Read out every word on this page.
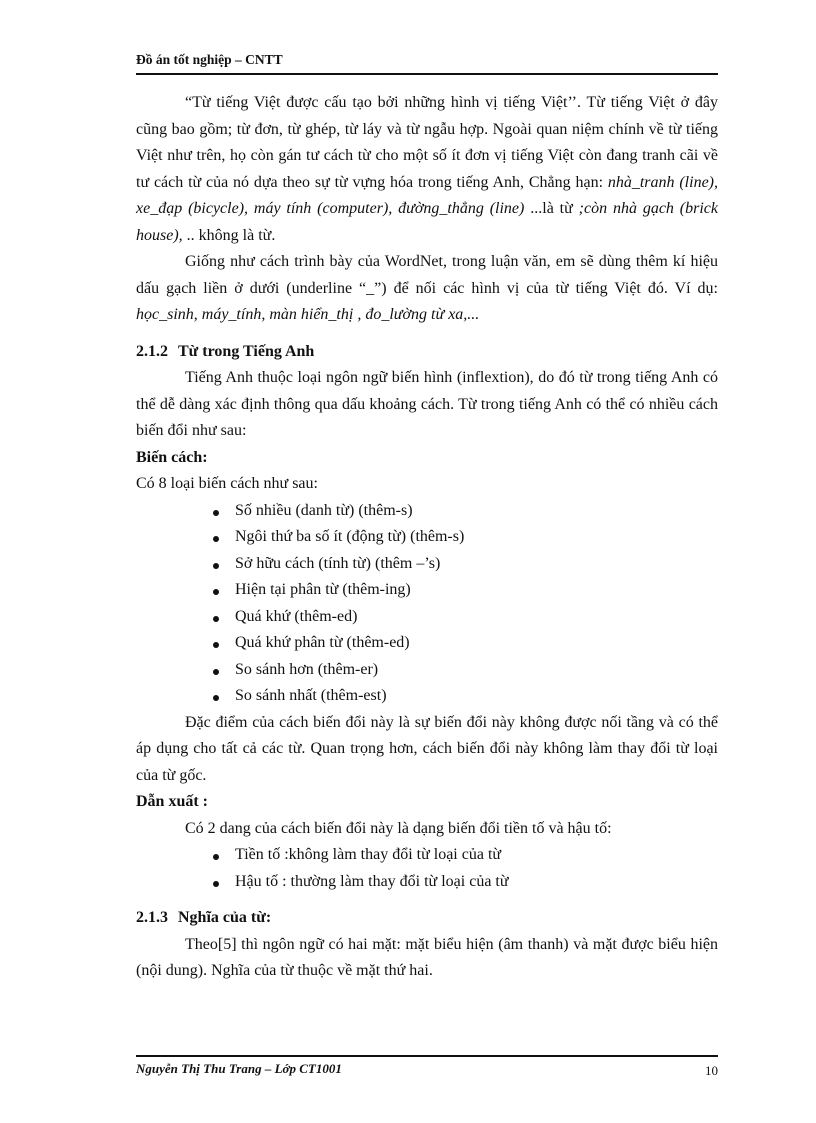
Đồ án tốt nghiệp – CNTT

“Từ tiếng Việt được cấu tạo bởi những hình vị tiếng Việt’’. Từ tiếng Việt ở đây cũng bao gồm; từ đơn, từ ghép, từ láy và từ ngẫu hợp. Ngoài quan niệm chính về từ tiếng Việt như trên, họ còn gán tư cách từ cho một số ít đơn vị tiếng Việt còn đang tranh cãi về tư cách từ của nó dựa theo sự từ vựng hóa trong tiếng Anh, Chẳng hạn: nhà_tranh (line), xe_đạp (bicycle), máy tính (computer), đường_thẳng (line) ...là từ ;còn nhà gạch (brick house), .. không là từ.

Giống như cách trình bày của WordNet, trong luận văn, em sẽ dùng thêm kí hiệu dấu gạch liền ở dưới (underline “_”) để nối các hình vị của từ tiếng Việt đó. Ví dụ: học_sinh, máy_tính, màn hiển_thị , đo_lường từ xa,...

2.1.2 Từ trong Tiếng Anh

Tiếng Anh thuộc loại ngôn ngữ biến hình (inflextion), do đó từ trong tiếng Anh có thể dễ dàng xác định thông qua dấu khoảng cách. Từ trong tiếng Anh có thể có nhiều cách biến đổi như sau:

Biến cách:

Có 8 loại biến cách như sau:

Số nhiều (danh từ) (thêm-s)
Ngôi thứ ba số ít (động từ) (thêm-s)
Sở hữu cách (tính từ) (thêm –’s)
Hiện tại phân từ (thêm-ing)
Quá khứ (thêm-ed)
Quá khứ phân từ (thêm-ed)
So sánh hơn (thêm-er)
So sánh nhất (thêm-est)

Đặc điểm của cách biến đổi này là sự biến đổi này không được nối tầng và có thể áp dụng cho tất cả các từ. Quan trọng hơn, cách biến đổi này không làm thay đổi từ loại của từ gốc.

Dẫn xuất :

Có 2 dang của cách biến đổi này là dạng biến đổi tiền tố và hậu tố:

Tiền tố :không làm thay đổi từ loại của từ
Hậu tố : thường làm thay đổi từ loại của từ
2.1.3 Nghĩa của từ:

Theo[5] thì ngôn ngữ có hai mặt: mặt biểu hiện (âm thanh) và mặt được biểu hiện (nội dung). Nghĩa của từ thuộc về mặt thứ hai.

Nguyễn Thị Thu Trang – Lớp CT1001	10
